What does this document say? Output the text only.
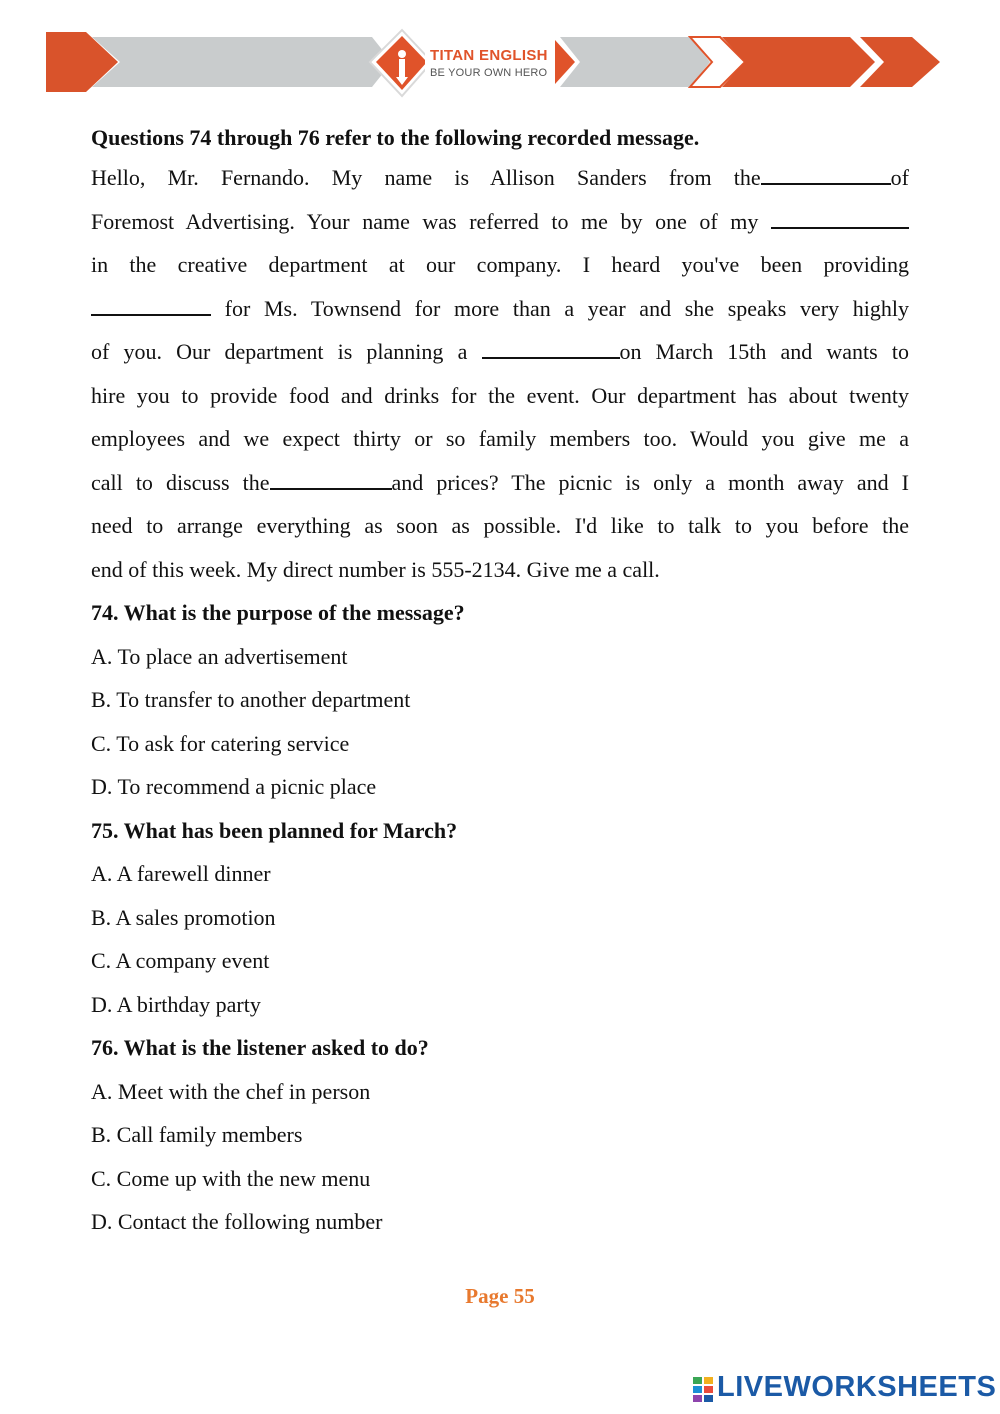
TITAN ENGLISH
BE YOUR OWN HERO

Questions 74 through 76 refer to the following recorded message.

Hello, Mr. Fernando. My name is Allison Sanders from the	of
Foremost Advertising. Your name was referred to me by one of my
in the creative department at our company. I heard you've been providing
for Ms. Townsend for more than a year and she speaks very highly
of you. Our department is planning a	on March 15th and wants to
hire you to provide food and drinks for the event. Our department has about twenty
employees and we expect thirty or so family members too. Would you give me a
call to discuss the	and prices? The picnic is only a month away and I
need to arrange everything as soon as possible. I'd like to talk to you before the
end of this week. My direct number is 555-2134. Give me a call.

74. What is the purpose of the message?

A. To place an advertisement

B. To transfer to another department

C. To ask for catering service

D. To recommend a picnic place

75. What has been planned for March?

A. A farewell dinner

B. A sales promotion

C. A company event

D. A birthday party

76. What is the listener asked to do?

A. Meet with the chef in person

B. Call family members

C. Come up with the new menu

D. Contact the following number

Page 55
LIVEWORKSHEETS
